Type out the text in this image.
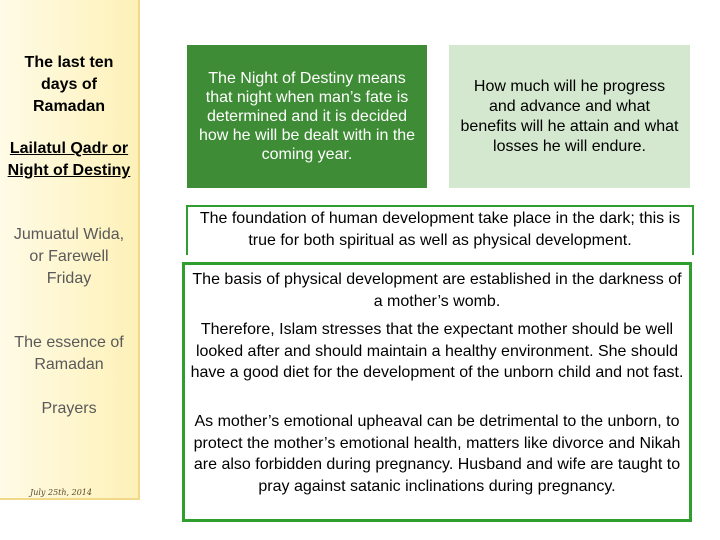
The last ten days of Ramadan
Lailatul Qadr or Night of Destiny
Jumuatul Wida, or Farewell Friday
The essence of Ramadan
Prayers
July 25th, 2014
The Night of Destiny means that night when man’s fate is determined and it is decided how he will be dealt with in the coming year.
How much will he progress and advance and what benefits will he attain and what losses he will endure.
The foundation of human development take place in the dark; this is true for both spiritual as well as physical development.

The basis of physical development are established in the darkness of a mother’s womb.

Therefore, Islam stresses that the expectant mother should be well looked after and should maintain a healthy environment. She should have a good diet for the development of the unborn child and not fast.

As mother’s emotional upheaval can be detrimental to the unborn, to protect the mother’s emotional health, matters like divorce and Nikah are also forbidden during pregnancy. Husband and wife are taught to pray against satanic inclinations during pregnancy.
